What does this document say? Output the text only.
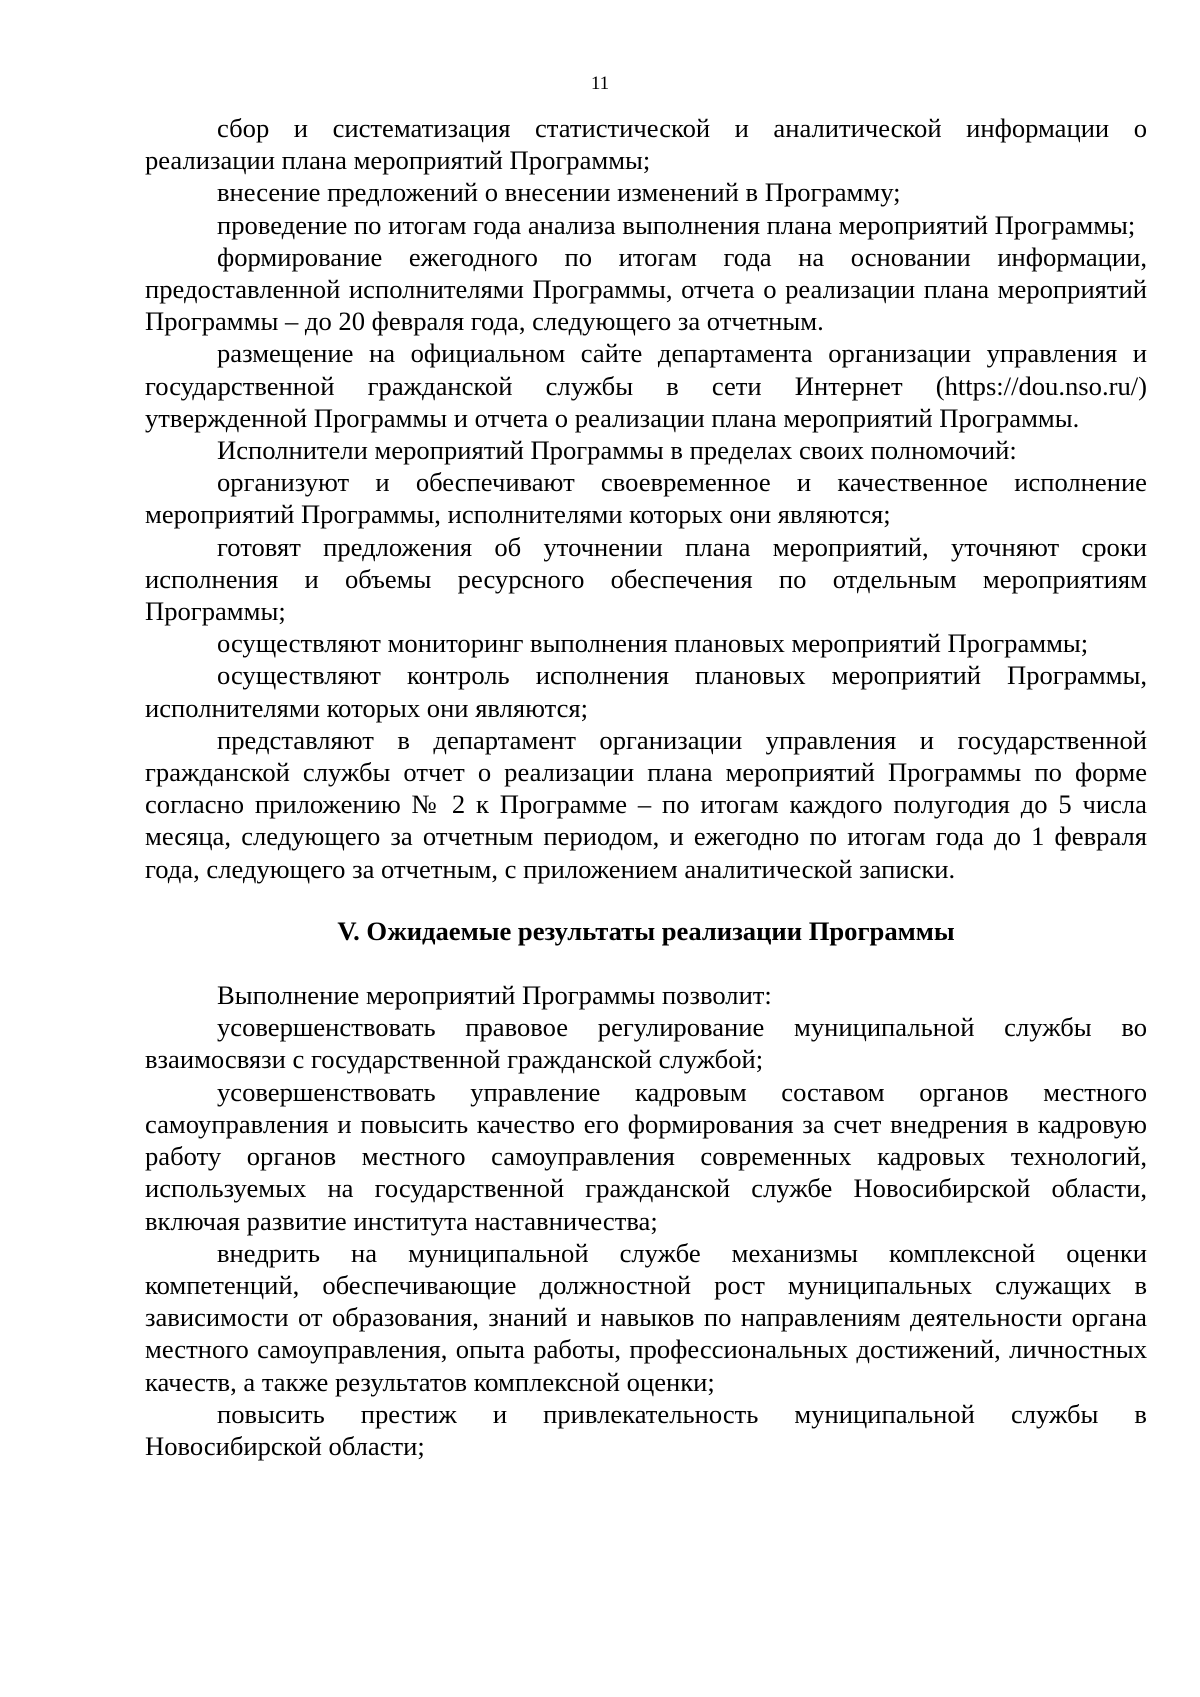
11

сбор и систематизация статистической и аналитической информации о реализации плана мероприятий Программы;

внесение предложений о внесении изменений в Программу;

проведение по итогам года анализа выполнения плана мероприятий Программы;

формирование ежегодного по итогам года на основании информации, предоставленной исполнителями Программы, отчета о реализации плана мероприятий Программы – до 20 февраля года, следующего за отчетным.

размещение на официальном сайте департамента организации управления и государственной гражданской службы в сети Интернет (https://dou.nso.ru/) утвержденной Программы и отчета о реализации плана мероприятий Программы.

Исполнители мероприятий Программы в пределах своих полномочий:

организуют и обеспечивают своевременное и качественное исполнение мероприятий Программы, исполнителями которых они являются;

готовят предложения об уточнении плана мероприятий, уточняют сроки исполнения и объемы ресурсного обеспечения по отдельным мероприятиям Программы;

осуществляют мониторинг выполнения плановых мероприятий Программы;

осуществляют контроль исполнения плановых мероприятий Программы, исполнителями которых они являются;

представляют в департамент организации управления и государственной гражданской службы отчет о реализации плана мероприятий Программы по форме согласно приложению № 2 к Программе – по итогам каждого полугодия до 5 числа месяца, следующего за отчетным периодом, и ежегодно по итогам года до 1 февраля года, следующего за отчетным, с приложением аналитической записки.

V. Ожидаемые результаты реализации Программы

Выполнение мероприятий Программы позволит:

усовершенствовать правовое регулирование муниципальной службы во взаимосвязи с государственной гражданской службой;

усовершенствовать управление кадровым составом органов местного самоуправления и повысить качество его формирования за счет внедрения в кадровую работу органов местного самоуправления современных кадровых технологий, используемых на государственной гражданской службе Новосибирской области, включая развитие института наставничества;

внедрить на муниципальной службе механизмы комплексной оценки компетенций, обеспечивающие должностной рост муниципальных служащих в зависимости от образования, знаний и навыков по направлениям деятельности органа местного самоуправления, опыта работы, профессиональных достижений, личностных качеств, а также результатов комплексной оценки;

повысить престиж и привлекательность муниципальной службы в Новосибирской области;
